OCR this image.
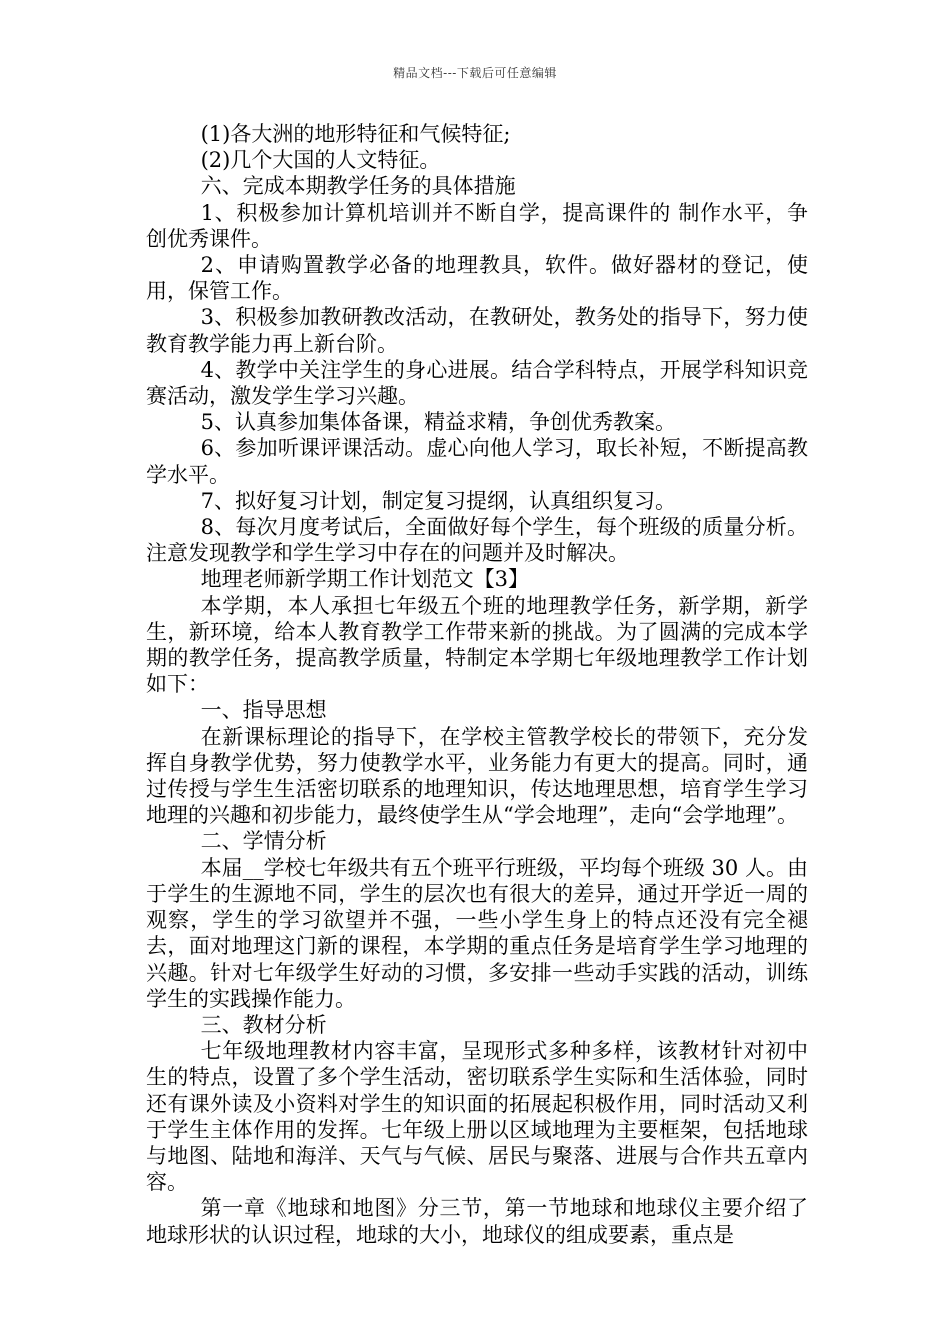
精品文档---下载后可任意编辑

(1)各大洲的地形特征和气候特征;

(2)几个大国的人文特征。

六、完成本期教学任务的具体措施

1、积极参加计算机培训并不断自学，提高课件的 制作水平，争创优秀课件。

2、申请购置教学必备的地理教具，软件。做好器材的登记，使用，保管工作。

3、积极参加教研教改活动，在教研处，教务处的指导下，努力使教育教学能力再上新台阶。

4、教学中关注学生的身心进展。结合学科特点，开展学科知识竞赛活动，激发学生学习兴趣。

5、认真参加集体备课，精益求精，争创优秀教案。

6、参加听课评课活动。虚心向他人学习，取长补短，不断提高教学水平。

7、拟好复习计划，制定复习提纲，认真组织复习。

8、每次月度考试后，全面做好每个学生，每个班级的质量分析。注意发现教学和学生学习中存在的问题并及时解决。

地理老师新学期工作计划范文【3】

本学期，本人承担七年级五个班的地理教学任务，新学期，新学生，新环境，给本人教育教学工作带来新的挑战。为了圆满的完成本学期的教学任务，提高教学质量，特制定本学期七年级地理教学工作计划如下：

一、指导思想

在新课标理论的指导下，在学校主管教学校长的带领下，充分发挥自身教学优势，努力使教学水平，业务能力有更大的提高。同时，通过传授与学生生活密切联系的地理知识，传达地理思想，培育学生学习地理的兴趣和初步能力，最终使学生从“学会地理”，走向“会学地理”。

二、学情分析

本届__学校七年级共有五个班平行班级，平均每个班级 30 人。由于学生的生源地不同，学生的层次也有很大的差异，通过开学近一周的观察，学生的学习欲望并不强，一些小学生身上的特点还没有完全褪去，面对地理这门新的课程，本学期的重点任务是培育学生学习地理的兴趣。针对七年级学生好动的习惯，多安排一些动手实践的活动，训练学生的实践操作能力。

三、教材分析

七年级地理教材内容丰富，呈现形式多种多样，该教材针对初中生的特点，设置了多个学生活动，密切联系学生实际和生活体验，同时还有课外读及小资料对学生的知识面的拓展起积极作用，同时活动又利于学生主体作用的发挥。七年级上册以区域地理为主要框架，包括地球与地图、陆地和海洋、天气与气候、居民与聚落、进展与合作共五章内容。

第一章《地球和地图》分三节，第一节地球和地球仪主要介绍了地球形状的认识过程，地球的大小，地球仪的组成要素，重点是
